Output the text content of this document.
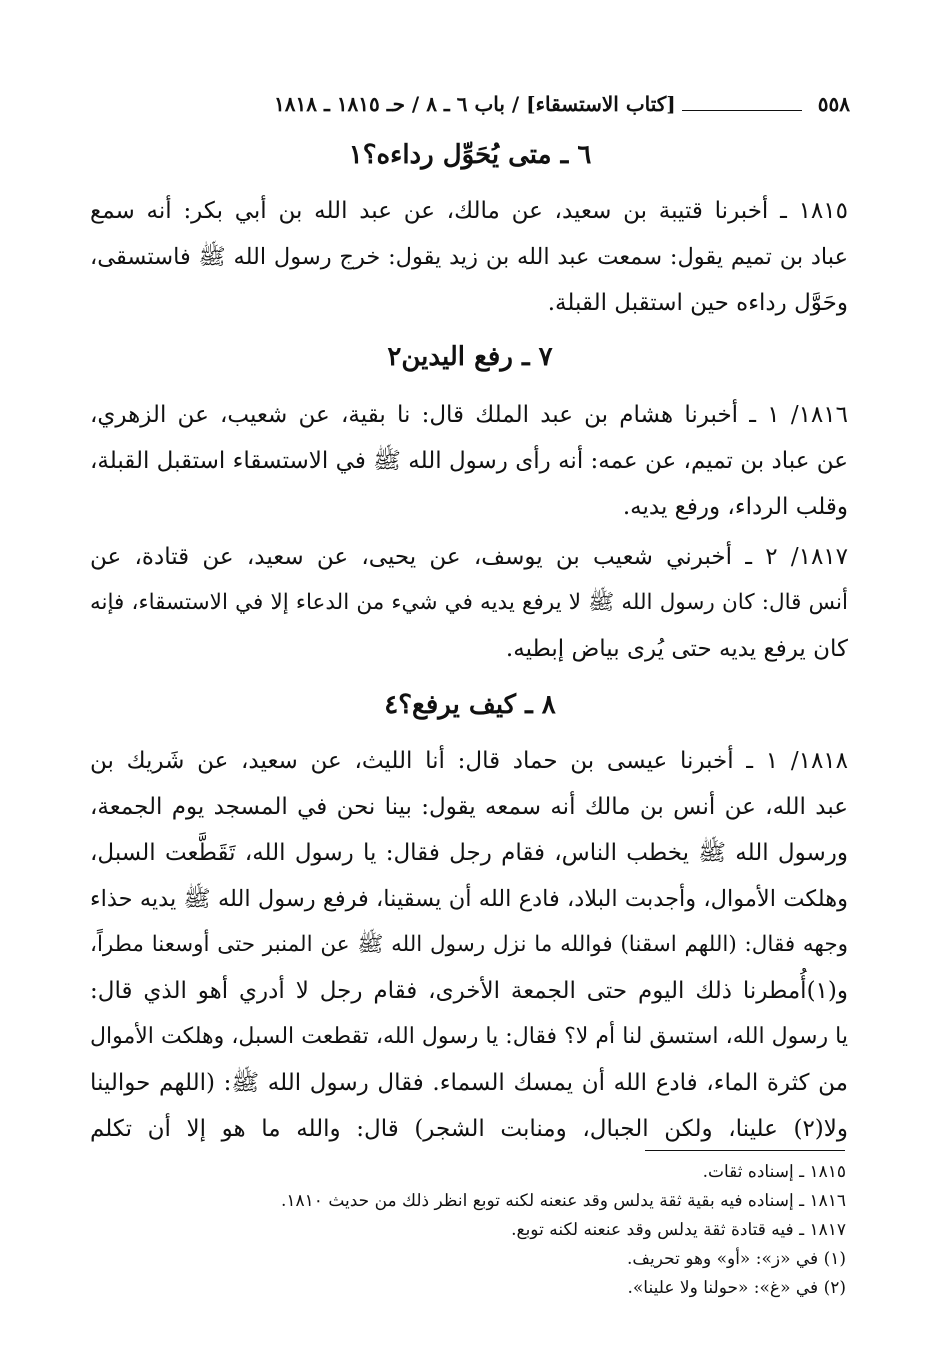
٥٥٨
[كتاب الاستسقاء] / باب ٦ ـ ٨ / حـ ١٨١٥ ـ ١٨١٨
٦ ـ متى يُحَوِّل رداءه؟١
١٨١٥ ـ أخبرنا قتيبة بن سعيد، عن مالك، عن عبد الله بن أبي بكر: أنه سمع
عباد بن تميم يقول: سمعت عبد الله بن زيد يقول: خرج رسول الله ﷺ فاستسقى،
وحَوَّل رداءه حين استقبل القبلة.
٧ ـ رفع اليدين٢
١٨١٦/ ١ ـ أخبرنا هشام بن عبد الملك قال: نا بقية، عن شعيب، عن الزهري،
عن عباد بن تميم، عن عمه: أنه رأى رسول الله ﷺ في الاستسقاء استقبل القبلة،
وقلب الرداء، ورفع يديه.
١٨١٧/ ٢ ـ أخبرني شعيب بن يوسف، عن يحيى، عن سعيد، عن قتادة، عن
أنس قال: كان رسول الله ﷺ لا يرفع يديه في شيء من الدعاء إلا في الاستسقاء، فإنه
كان يرفع يديه حتى يُرى بياض إبطيه.
٨ ـ كيف يرفع؟٤
١٨١٨/ ١ ـ أخبرنا عيسى بن حماد قال: أنا الليث، عن سعيد، عن شَريك بن
عبد الله، عن أنس بن مالك أنه سمعه يقول: بينا نحن في المسجد يوم الجمعة،
ورسول الله ﷺ يخطب الناس، فقام رجل فقال: يا رسول الله، تَقَطَّعت السبل،
وهلكت الأموال، وأجدبت البلاد، فادع الله أن يسقينا، فرفع رسول الله ﷺ يديه حذاء
وجهه فقال: (اللهم اسقنا) فوالله ما نزل رسول الله ﷺ عن المنبر حتى أوسعنا مطراً،
و(١)أُمطرنا ذلك اليوم حتى الجمعة الأخرى، فقام رجل لا أدري أهو الذي قال:
يا رسول الله، استسق لنا أم لا؟ فقال: يا رسول الله، تقطعت السبل، وهلكت الأموال
من كثرة الماء، فادع الله أن يمسك السماء. فقال رسول الله ﷺ: (اللهم حوالينا
ولا(٢) علينا، ولكن الجبال، ومنابت الشجر) قال: والله ما هو إلا أن تكلم
١٨١٥ ـ إسناده ثقات.
١٨١٦ ـ إسناده فيه بقية ثقة يدلس وقد عنعنه لكنه توبع انظر ذلك من حديث ١٨١٠.
١٨١٧ ـ فيه قتادة ثقة يدلس وقد عنعنه لكنه توبع.
(١) في «ز»: «أو» وهو تحريف.
(٢) في «غ»: «حولنا ولا علينا».
